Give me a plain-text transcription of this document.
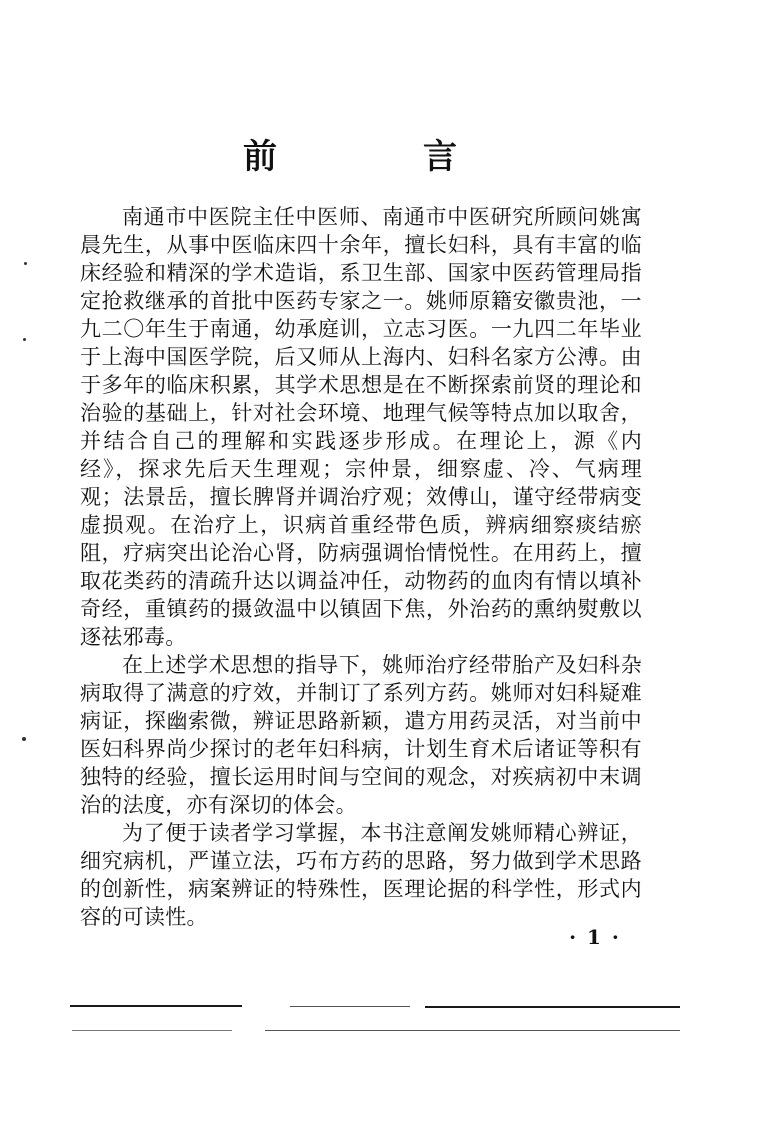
前　言

南通市中医院主任中医师、南通市中医研究所顾问姚寓晨先生，从事中医临床四十余年，擅长妇科，具有丰富的临床经验和精深的学术造诣，系卫生部、国家中医药管理局指定抢救继承的首批中医药专家之一。姚师原籍安徽贵池，一九二〇年生于南通，幼承庭训，立志习医。一九四二年毕业于上海中国医学院，后又师从上海内、妇科名家方公溥。由于多年的临床积累，其学术思想是在不断探索前贤的理论和治验的基础上，针对社会环境、地理气候等特点加以取舍，并结合自己的理解和实践逐步形成。在理论上，源《内经》，探求先后天生理观；宗仲景，细察虚、冷、气病理观；法景岳，擅长脾肾并调治疗观；效傅山，谨守经带病变虚损观。在治疗上，识病首重经带色质，辨病细察痰结瘀阻，疗病突出论治心肾，防病强调怡情悦性。在用药上，擅取花类药的清疏升达以调益冲任，动物药的血肉有情以填补奇经，重镇药的摄敛温中以镇固下焦，外治药的熏纳熨敷以逐祛邪毒。

在上述学术思想的指导下，姚师治疗经带胎产及妇科杂病取得了满意的疗效，并制订了系列方药。姚师对妇科疑难病证，探幽索微，辨证思路新颖，遣方用药灵活，对当前中医妇科界尚少探讨的老年妇科病，计划生育术后诸证等积有独特的经验，擅长运用时间与空间的观念，对疾病初中末调治的法度，亦有深切的体会。

为了便于读者学习掌握，本书注意阐发姚师精心辨证，细究病机，严谨立法，巧布方药的思路，努力做到学术思路的创新性，病案辨证的特殊性，医理论据的科学性，形式内容的可读性。

· 1 ·
